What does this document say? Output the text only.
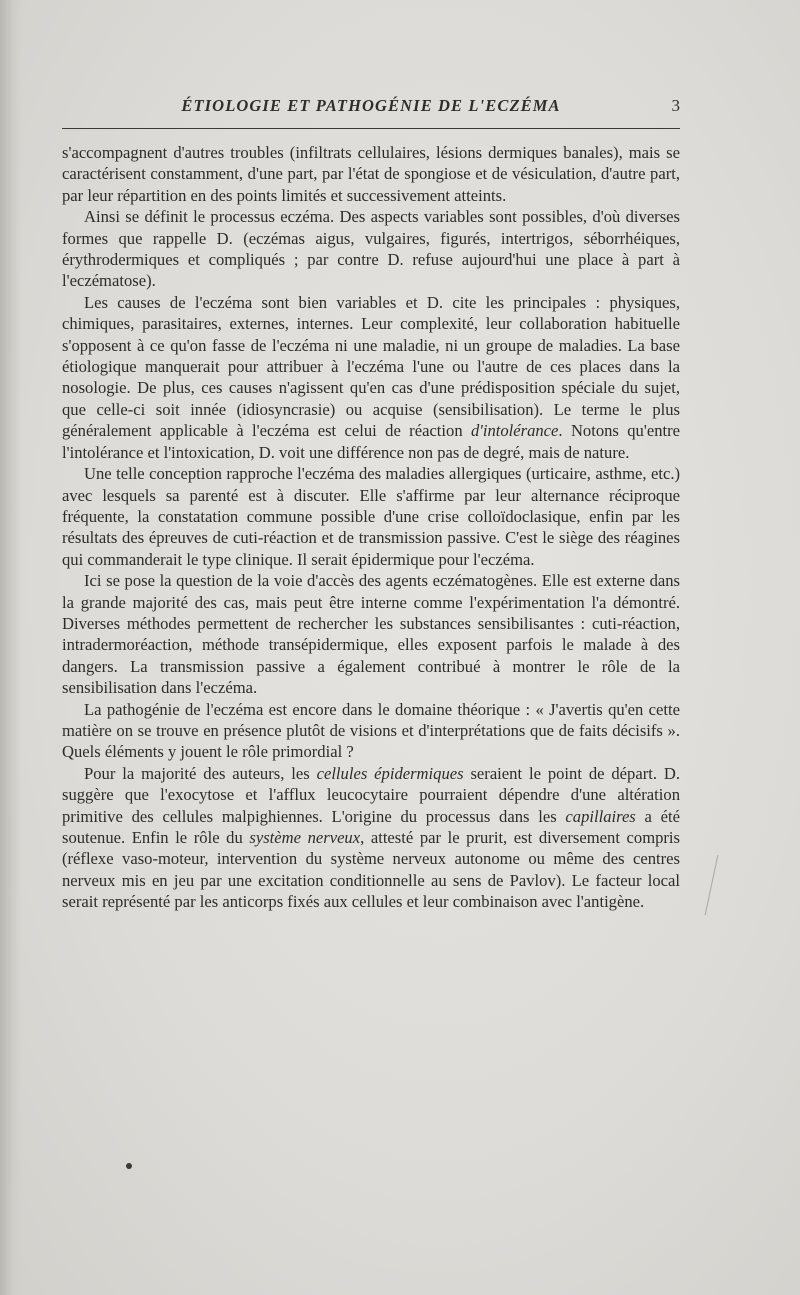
ÉTIOLOGIE ET PATHOGÉNIE DE L'ECZÉMA	3

s'accompagnent d'autres troubles (infiltrats cellulaires, lésions dermiques banales), mais se caractérisent constamment, d'une part, par l'état de spongiose et de vésiculation, d'autre part, par leur répartition en des points limités et successivement atteints.

Ainsi se définit le processus eczéma. Des aspects variables sont possibles, d'où diverses formes que rappelle D. (eczémas aigus, vulgaires, figurés, intertrigos, séborrhéiques, érythrodermiques et compliqués ; par contre D. refuse aujourd'hui une place à part à l'eczématose).

Les causes de l'eczéma sont bien variables et D. cite les principales : physiques, chimiques, parasitaires, externes, internes. Leur complexité, leur collaboration habituelle s'opposent à ce qu'on fasse de l'eczéma ni une maladie, ni un groupe de maladies. La base étiologique manquerait pour attribuer à l'eczéma l'une ou l'autre de ces places dans la nosologie. De plus, ces causes n'agissent qu'en cas d'une prédisposition spéciale du sujet, que celle-ci soit innée (idiosyncrasie) ou acquise (sensibilisation). Le terme le plus généralement applicable à l'eczéma est celui de réaction d'intolérance. Notons qu'entre l'intolérance et l'intoxication, D. voit une différence non pas de degré, mais de nature.

Une telle conception rapproche l'eczéma des maladies allergiques (urticaire, asthme, etc.) avec lesquels sa parenté est à discuter. Elle s'affirme par leur alternance réciproque fréquente, la constatation commune possible d'une crise colloïdoclasique, enfin par les résultats des épreuves de cuti-réaction et de transmission passive. C'est le siège des réagines qui commanderait le type clinique. Il serait épidermique pour l'eczéma.

Ici se pose la question de la voie d'accès des agents eczématogènes. Elle est externe dans la grande majorité des cas, mais peut être interne comme l'expérimentation l'a démontré. Diverses méthodes permettent de rechercher les substances sensibilisantes : cuti-réaction, intradermoréaction, méthode transépidermique, elles exposent parfois le malade à des dangers. La transmission passive a également contribué à montrer le rôle de la sensibilisation dans l'eczéma.

La pathogénie de l'eczéma est encore dans le domaine théorique : « J'avertis qu'en cette matière on se trouve en présence plutôt de visions et d'interprétations que de faits décisifs ». Quels éléments y jouent le rôle primordial ?

Pour la majorité des auteurs, les cellules épidermiques seraient le point de départ. D. suggère que l'exocytose et l'afflux leucocytaire pourraient dépendre d'une altération primitive des cellules malpighiennes. L'origine du processus dans les capillaires a été soutenue. Enfin le rôle du système nerveux, attesté par le prurit, est diversement compris (réflexe vaso-moteur, intervention du système nerveux autonome ou même des centres nerveux mis en jeu par une excitation conditionnelle au sens de Pavlov). Le facteur local serait représenté par les anticorps fixés aux cellules et leur combinaison avec l'antigène.
